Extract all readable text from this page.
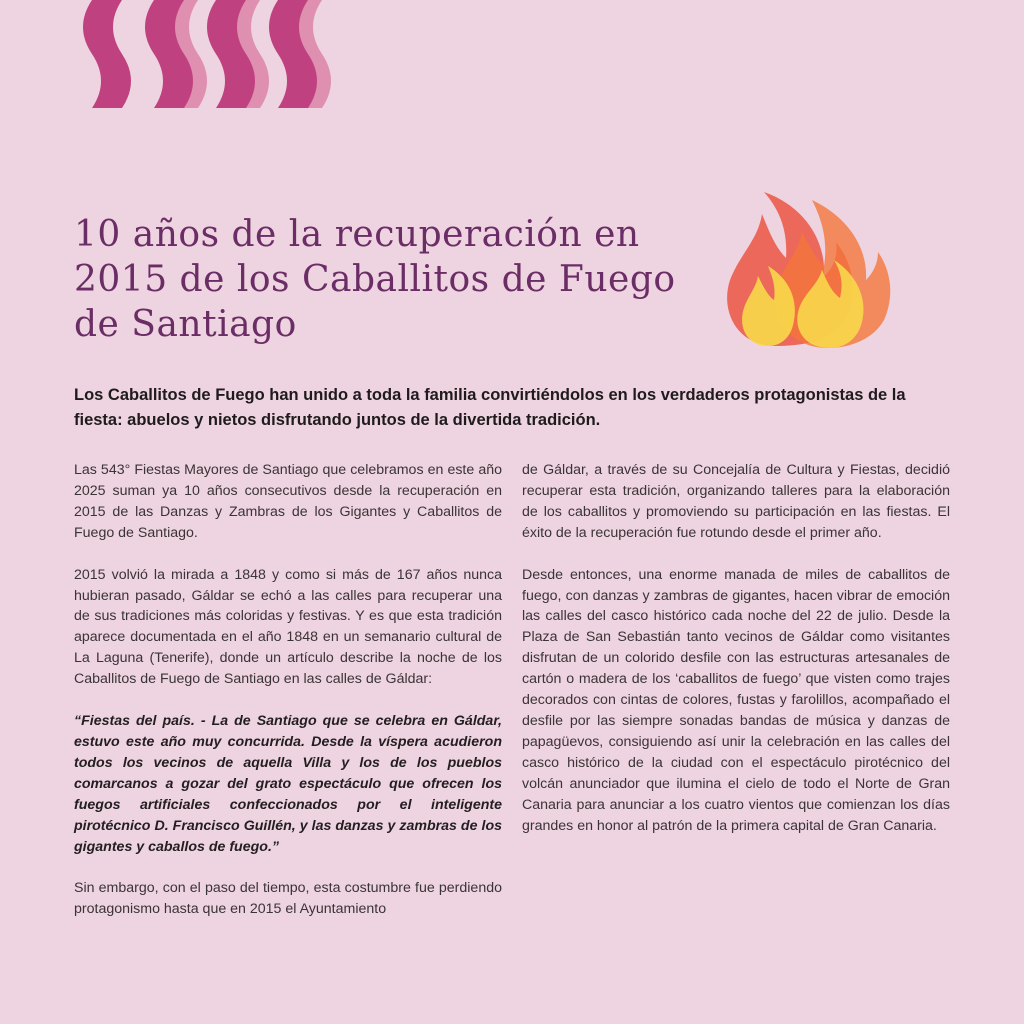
10 años de la recuperación en 2015 de los Caballitos de Fuego de Santiago

Los Caballitos de Fuego han unido a toda la familia convirtiéndolos en los verdaderos protagonistas de la fiesta: abuelos y nietos disfrutando juntos de la divertida tradición.

Las 543° Fiestas Mayores de Santiago que celebramos en este año 2025 suman ya 10 años consecutivos desde la recuperación en 2015 de las Danzas y Zambras de los Gigantes y Caballitos de Fuego de Santiago.

2015 volvió la mirada a 1848 y como si más de 167 años nunca hubieran pasado, Gáldar se echó a las calles para recuperar una de sus tradiciones más coloridas y festivas. Y es que esta tradición aparece documentada en el año 1848 en un semanario cultural de La Laguna (Tenerife), donde un artículo describe la noche de los Caballitos de Fuego de Santiago en las calles de Gáldar:

“Fiestas del país. - La de Santiago que se celebra en Gáldar, estuvo este año muy concurrida. Desde la víspera acudieron todos los vecinos de aquella Villa y los de los pueblos comarcanos a gozar del grato espectáculo que ofrecen los fuegos artificiales confeccionados por el inteligente pirotécnico D. Francisco Guillén, y las danzas y zambras de los gigantes y caballos de fuego.”

Sin embargo, con el paso del tiempo, esta costumbre fue perdiendo protagonismo hasta que en 2015 el Ayuntamiento

de Gáldar, a través de su Concejalía de Cultura y Fiestas, decidió recuperar esta tradición, organizando talleres para la elaboración de los caballitos y promoviendo su participación en las fiestas. El éxito de la recuperación fue rotundo desde el primer año.

Desde entonces, una enorme manada de miles de caballitos de fuego, con danzas y zambras de gigantes, hacen vibrar de emoción las calles del casco histórico cada noche del 22 de julio. Desde la Plaza de San Sebastián tanto vecinos de Gáldar como visitantes disfrutan de un colorido desfile con las estructuras artesanales de cartón o madera de los ‘caballitos de fuego’ que visten como trajes decorados con cintas de colores, fustas y farolillos, acompañado el desfile por las siempre sonadas bandas de música y danzas de papagüevos, consiguiendo así unir la celebración en las calles del casco histórico de la ciudad con el espectáculo pirotécnico del volcán anunciador que ilumina el cielo de todo el Norte de Gran Canaria para anunciar a los cuatro vientos que comienzan los días grandes en honor al patrón de la primera capital de Gran Canaria.
